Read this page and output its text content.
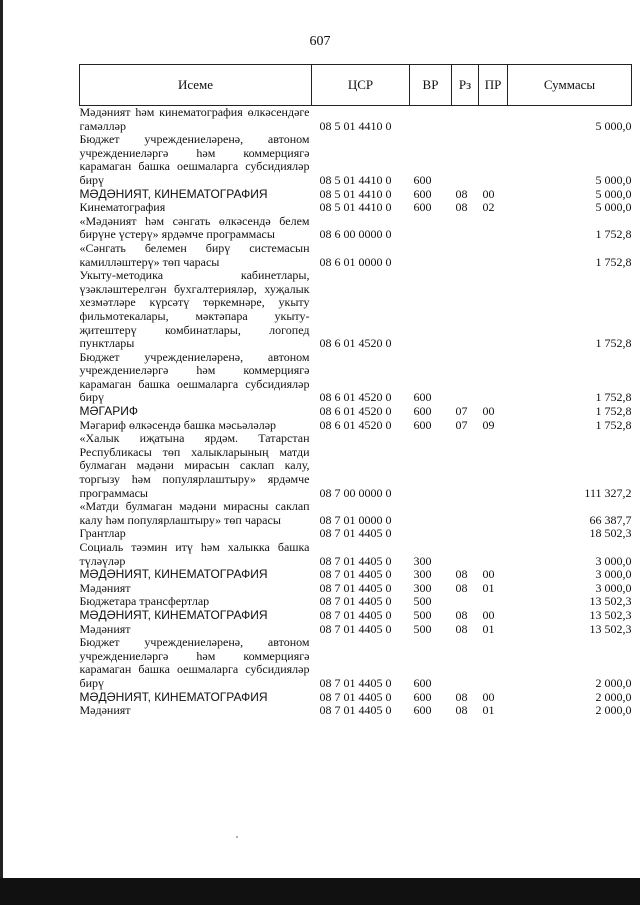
607
Исеме	ЦСР	ВР	Рз	ПР	Суммасы
Мәдәният һәм кинематография өлкәсендәге гамәлләр	08 5 01 4410 0				5 000,0
Бюджет учреждениеләренә, автоном учреждениеләргә һәм коммерциягә карамаган башка оешмаларга субсидияләр бирү	08 5 01 4410 0	600			5 000,0
МӘДӘНИЯТ, КИНЕМАТОГРАФИЯ	08 5 01 4410 0	600	08	00	5 000,0
Кинематография	08 5 01 4410 0	600	08	02	5 000,0
«Мәдәният һәм сәнгать өлкәсендә белем бирүне үстерү» ярдәмче программасы	08 6 00 0000 0				1 752,8
«Сәнгать белемен бирү системасын камилләштерү» төп чарасы	08 6 01 0000 0				1 752,8
Укыту-методика кабинетлары, үзәкләштерелгән бухгалтерияләр, хуҗалык хезмәтләре күрсәтү төркемнәре, укыту фильмотекалары, мәктәпара укыту-җитештерү комбинатлары, логопед пунктлары	08 6 01 4520 0				1 752,8
Бюджет учреждениеләренә, автоном учреждениеләргә һәм коммерциягә карамаган башка оешмаларга субсидияләр бирү	08 6 01 4520 0	600			1 752,8
МӘГАРИФ	08 6 01 4520 0	600	07	00	1 752,8
Мәгариф өлкәсендә башка мәсьәләләр	08 6 01 4520 0	600	07	09	1 752,8
«Халык иҗатына ярдәм. Татарстан Республикасы төп халыкларының матди булмаган мәдәни мирасын саклап калу, торгызу һәм популярлаштыру» ярдәмче программасы	08 7 00 0000 0				111 327,2
«Матди булмаган мәдәни мирасны саклап калу һәм популярлаштыру» төп чарасы	08 7 01 0000 0				66 387,7
Грантлар	08 7 01 4405 0				18 502,3
Социаль тәэмин итү һәм халыкка башка түләүләр	08 7 01 4405 0	300			3 000,0
МӘДӘНИЯТ, КИНЕМАТОГРАФИЯ	08 7 01 4405 0	300	08	00	3 000,0
Мәдәният	08 7 01 4405 0	300	08	01	3 000,0
Бюджетара трансфертлар	08 7 01 4405 0	500			13 502,3
МӘДӘНИЯТ, КИНЕМАТОГРАФИЯ	08 7 01 4405 0	500	08	00	13 502,3
Мәдәният	08 7 01 4405 0	500	08	01	13 502,3
Бюджет учреждениеләренә, автоном учреждениеләргә һәм коммерциягә карамаган башка оешмаларга субсидияләр бирү	08 7 01 4405 0	600			2 000,0
МӘДӘНИЯТ, КИНЕМАТОГРАФИЯ	08 7 01 4405 0	600	08	00	2 000,0
Мәдәният	08 7 01 4405 0	600	08	01	2 000,0
